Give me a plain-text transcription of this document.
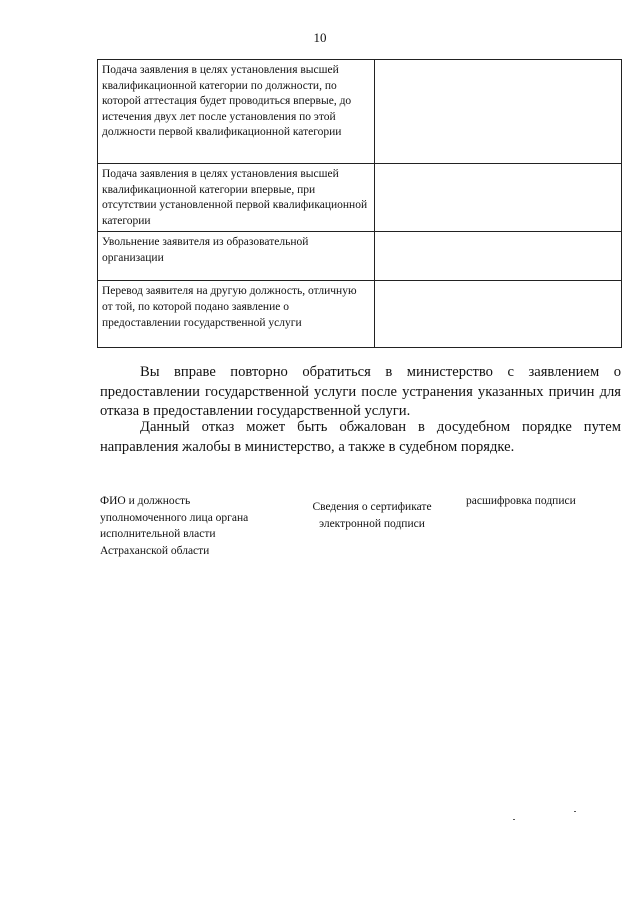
10
Подача заявления в целях установления высшей квалификационной категории по должности, по которой аттестация будет проводиться впервые, до истечения двух лет после установления по этой должности первой квалификационной категории	
Подача заявления в целях установления высшей квалификационной категории впервые, при отсутствии установленной первой квалификационной категории	
Увольнение заявителя из образовательной организации	
Перевод заявителя на другую должность, отличную от той, по которой подано заявление о предоставлении государственной услуги	

Вы вправе повторно обратиться в министерство с заявлением о предоставлении государственной услуги после устранения указанных причин для отказа в предоставлении государственной услуги.

Данный отказ может быть обжалован в досудебном порядке путем направления жалобы в министерство, а также в судебном порядке.

ФИО и должность уполномоченного лица органа исполнительной власти Астраханской области
Сведения о сертификате электронной подписи
расшифровка подписи
